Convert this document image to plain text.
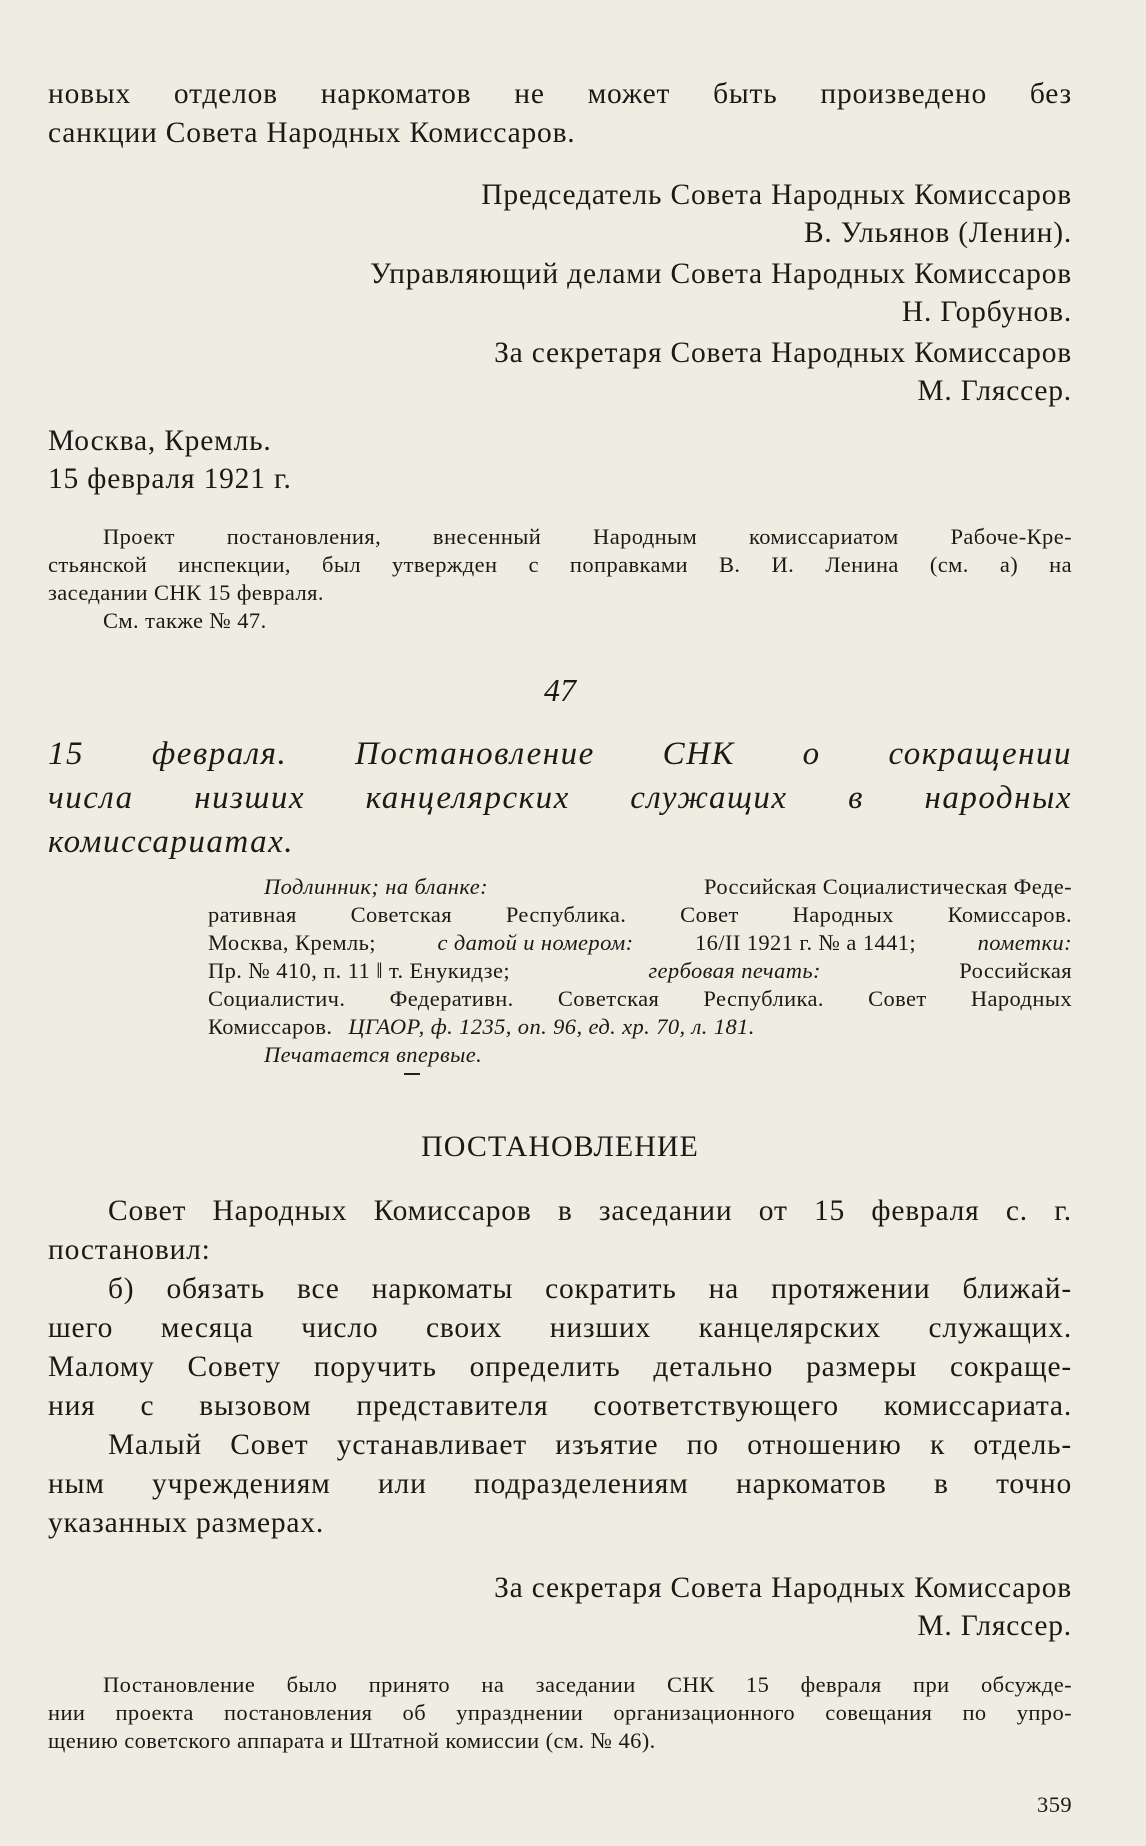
новых отделов наркоматов не может быть произведено без
санкции Совета Народных Комиссаров.
Председатель Совета Народных Комиссаров
В. Ульянов (Ленин).
Управляющий делами Совета Народных Комиссаров
Н. Горбунов.
За секретаря Совета Народных Комиссаров
М. Гляссер.
Москва, Кремль.
15 февраля 1921 г.
Проект постановления, внесенный Народным комиссариатом Рабоче-Кре-
стьянской инспекции, был утвержден с поправками В. И. Ленина (см. а) на
заседании СНК 15 февраля.
См. также № 47.
47
15 февраля. Постановление СНК о сокращении
числа низших канцелярских служащих в народных
комиссариатах.
Подлинник; на бланке:	Российская Социалистическая Феде-
ративная Советская Республика. Совет Народных Комиссаров.
Москва, Кремль;	с датой и номером:	16/II 1921 г. № а 1441;	пометки:
Пр. № 410, п. 11 ‖ т. Енукидзе;	гербовая печать:	Российская
Социалистич. Федеративн. Советская Республика. Совет Народных
Комиссаров. ЦГАОР, ф. 1235, оп. 96, ед. хр. 70, л. 181.
Печатается впервые.
ПОСТАНОВЛЕНИЕ
Совет Народных Комиссаров в заседании от 15 февраля с. г.
постановил:
б) обязать все наркоматы сократить на протяжении ближай-
шего месяца число своих низших канцелярских служащих.
Малому Совету поручить определить детально размеры сокраще-
ния с вызовом представителя соответствующего комиссариата.
Малый Совет устанавливает изъятие по отношению к отдель-
ным учреждениям или подразделениям наркоматов в точно
указанных размерах.
За секретаря Совета Народных Комиссаров
М. Гляссер.
Постановление было принято на заседании СНК 15 февраля при обсужде-
нии проекта постановления об упразднении организационного совещания по упро-
щению советского аппарата и Штатной комиссии (см. № 46).
359
